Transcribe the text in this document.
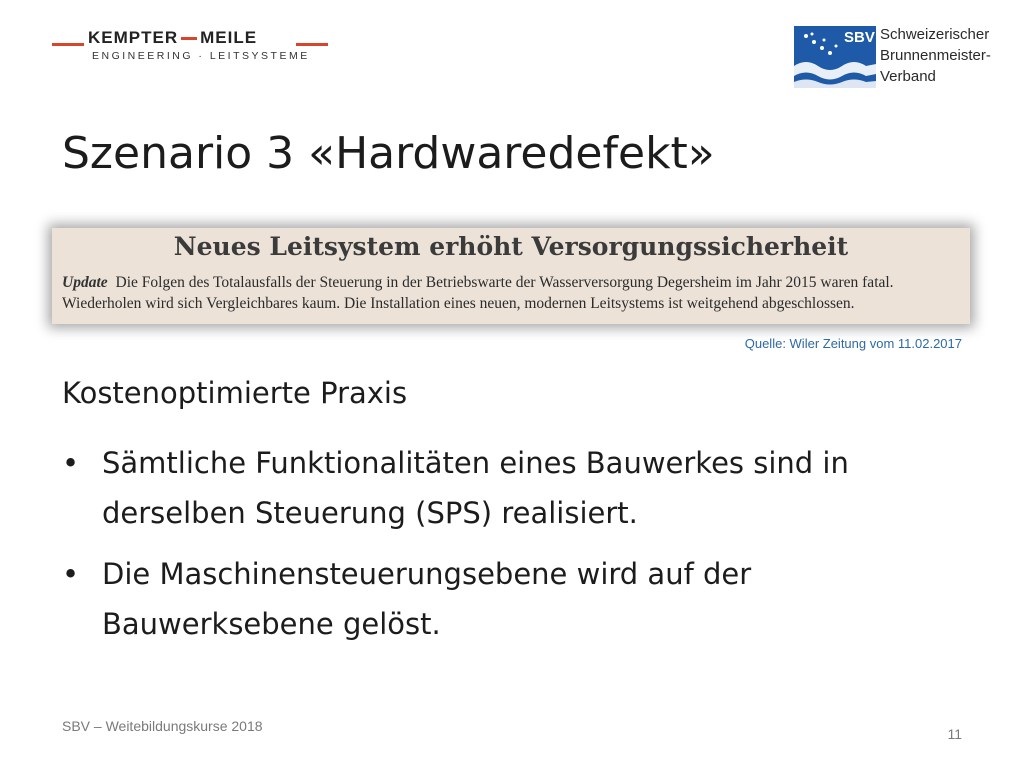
KEMPTER MEILE
ENGINEERING · LEITSYSTEME
SBV Schweizerischer
Brunnenmeister-
Verband
Szenario 3 «Hardwaredefekt»
Neues Leitsystem erhöht Versorgungssicherheit
Update Die Folgen des Totalausfalls der Steuerung in der Betriebswarte der Wasserversorgung Degersheim im Jahr 2015 waren fatal. Wiederholen wird sich Vergleichbares kaum. Die Installation eines neuen, modernen Leitsystems ist weitgehend abgeschlossen.
Quelle: Wiler Zeitung vom 11.02.2017
Kostenoptimierte Praxis
• Sämtliche Funktionalitäten eines Bauwerkes sind in derselben Steuerung (SPS) realisiert.
• Die Maschinensteuerungsebene wird auf der Bauwerksebene gelöst.
SBV – Weitebildungskurse 2018	11
